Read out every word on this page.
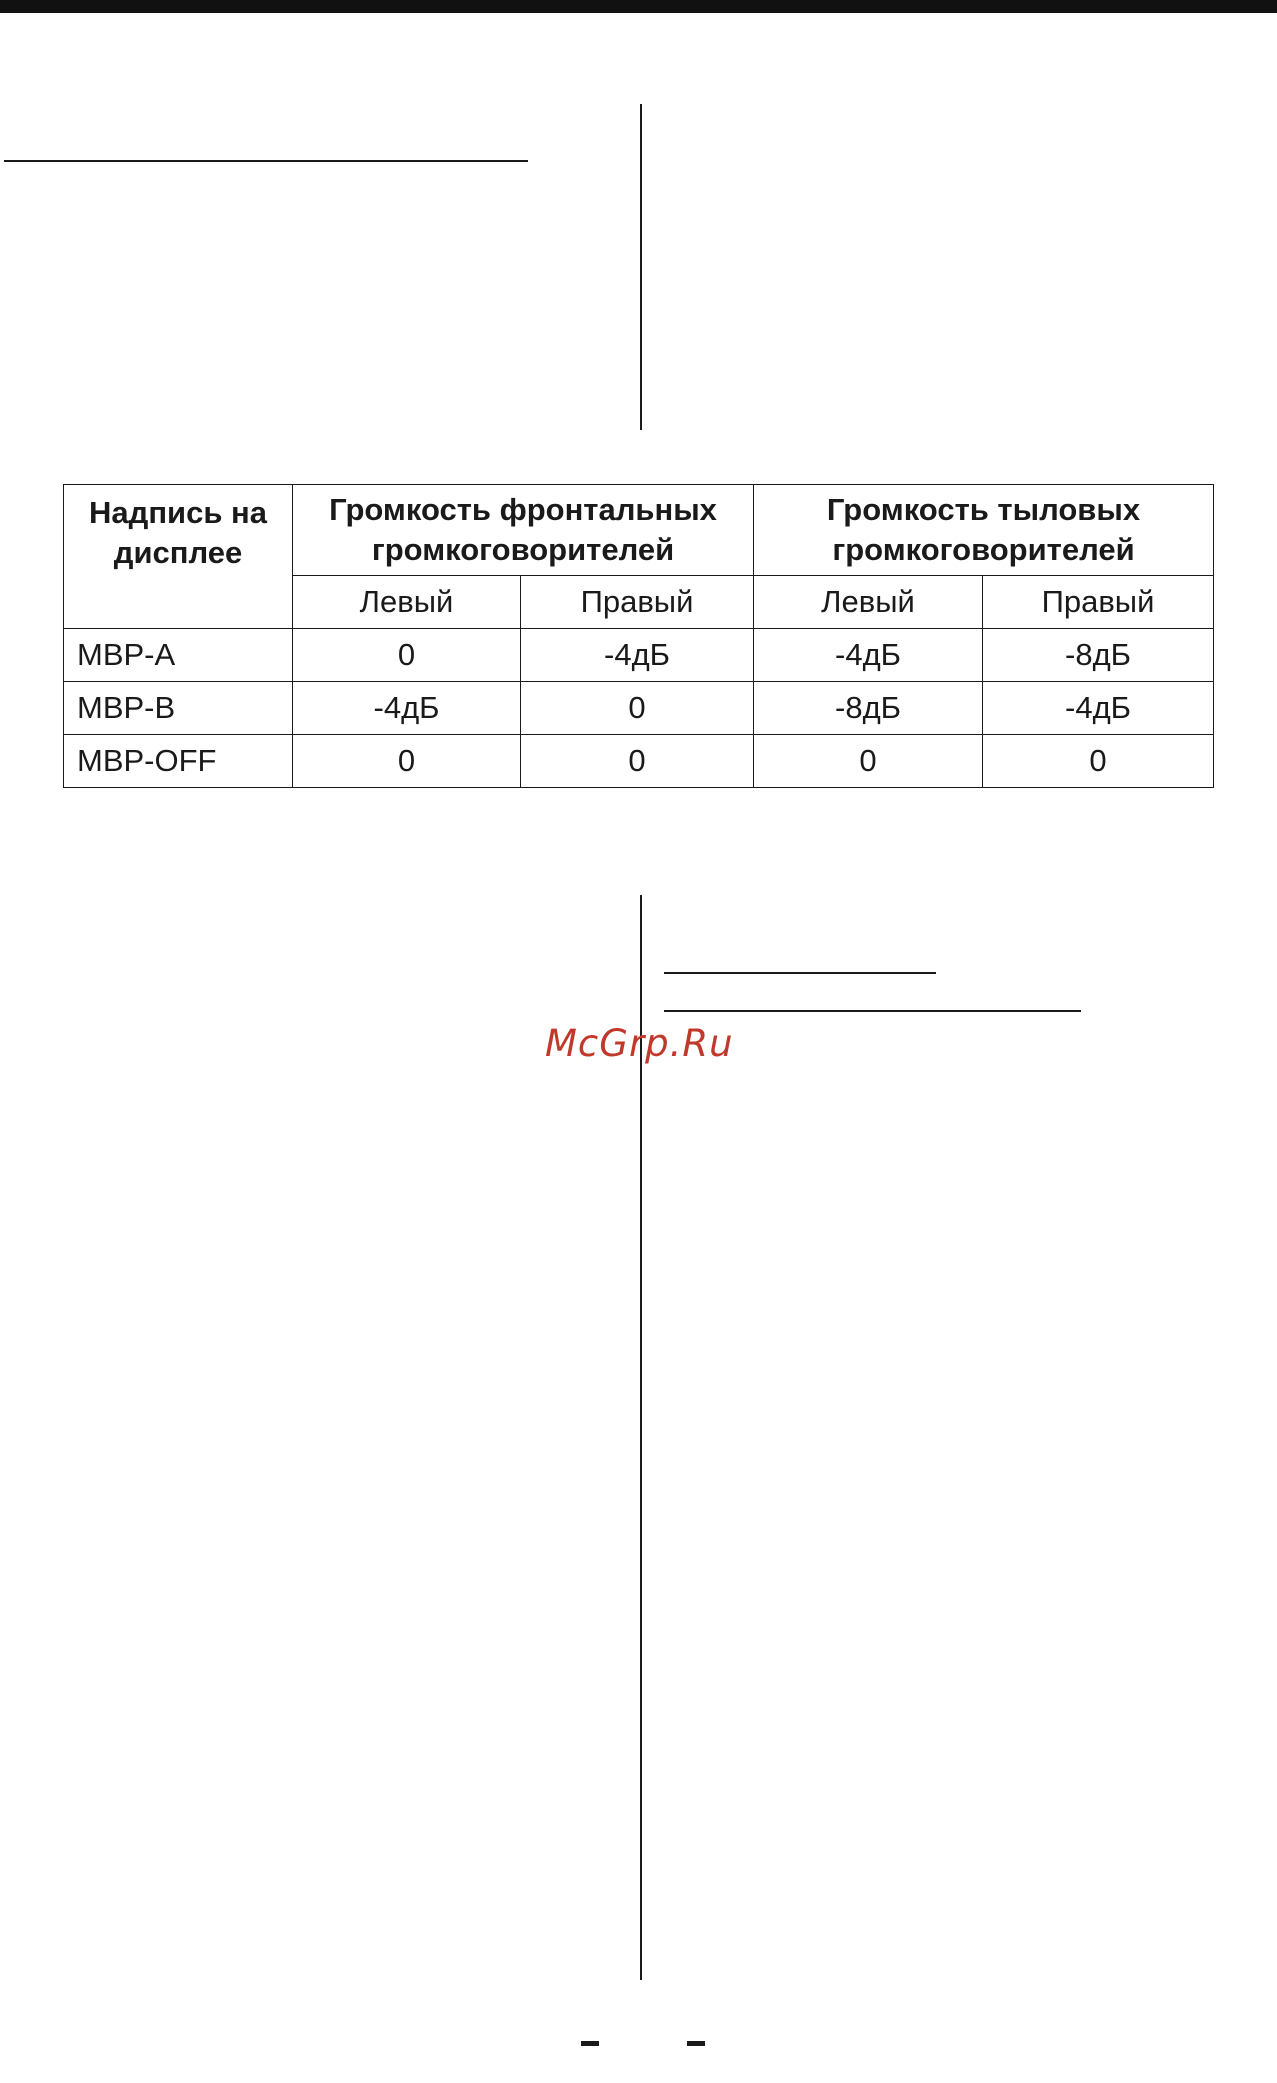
Надпись на дисплее	Громкость фронтальных громкоговорителей		Громкость тыловых громкоговорителей	
	Левый	Правый	Левый	Правый
МВР-А	0	-4дБ	-4дБ	-8дБ
МВР-В	-4дБ	0	-8дБ	-4дБ
МВР-OFF	0	0	0	0
McGrp.Ru
